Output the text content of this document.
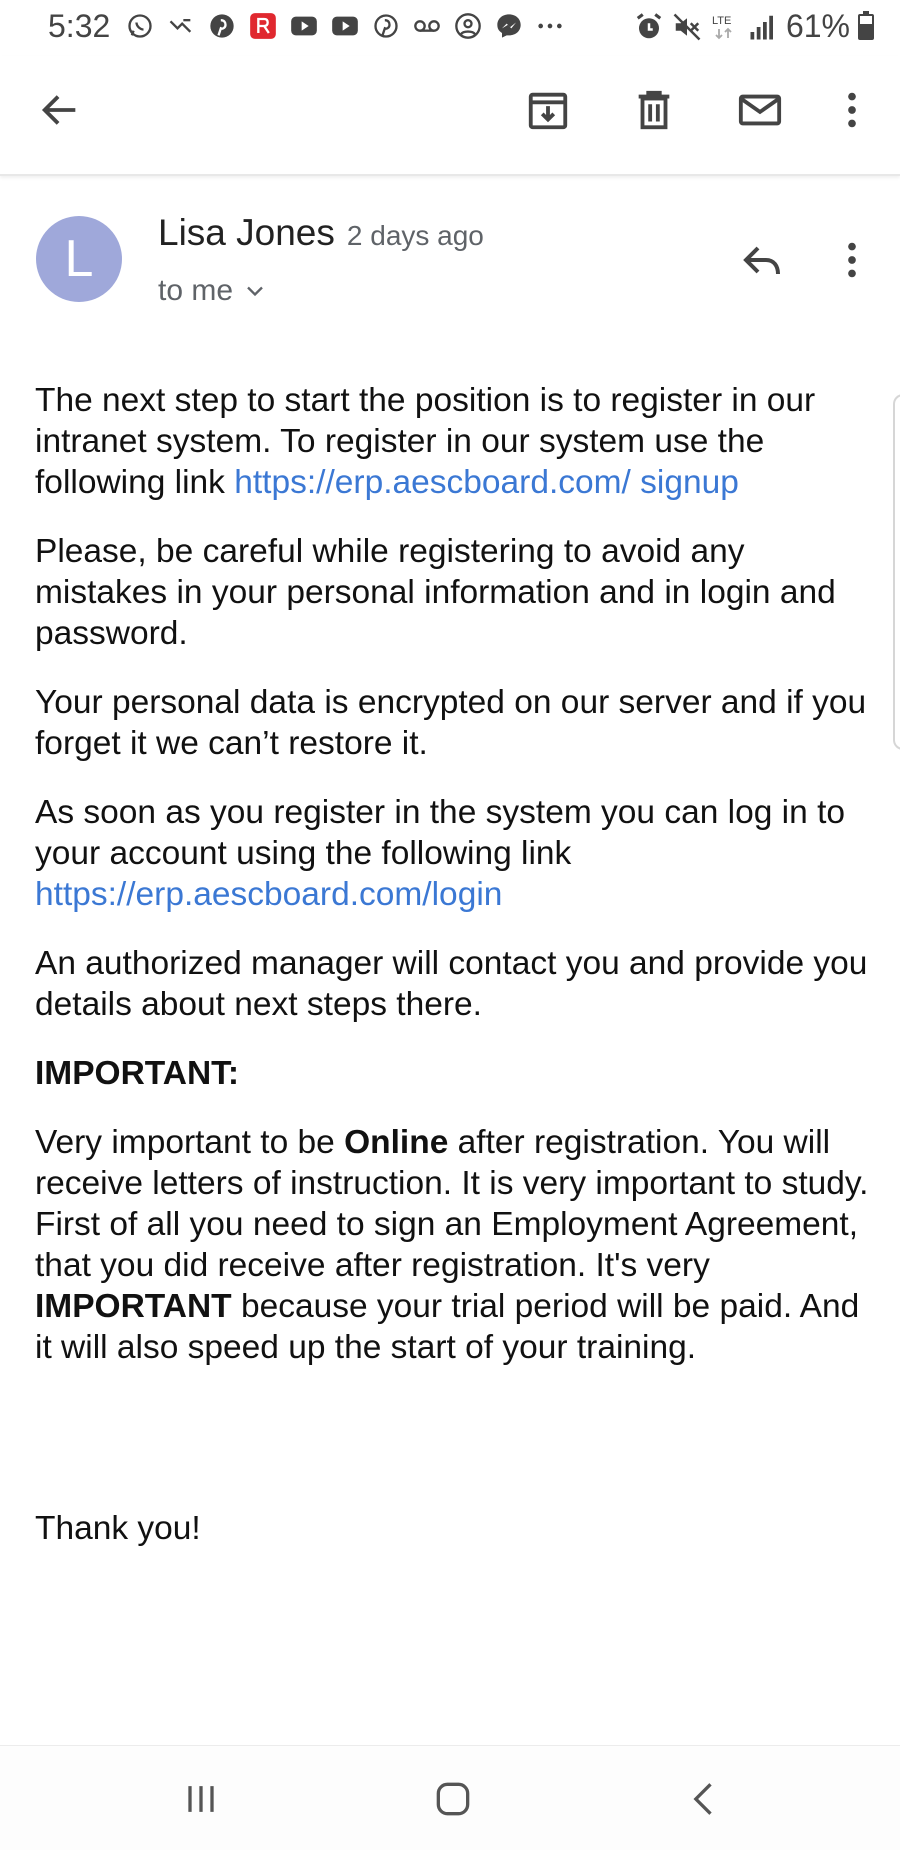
5:32	LTE 61%
L	Lisa Jones 2 days ago
to me

The next step to start the position is to register in our intranet system. To register in our system use the following link https://erp.aescboard.com/ signup

Please, be careful while registering to avoid any mistakes in your personal information and in login and password.

Your personal data is encrypted on our server and if you forget it we can’t restore it.

As soon as you register in the system you can log in to your account using the following link https://erp.aescboard.com/login

An authorized manager will contact you and provide you details about next steps there.

IMPORTANT:

Very important to be Online after registration. You will receive letters of instruction. It is very important to study. First of all you need to sign an Employment Agreement, that you did receive after registration. It's very IMPORTANT because your trial period will be paid. And it will also speed up the start of your training.

Thank you!
